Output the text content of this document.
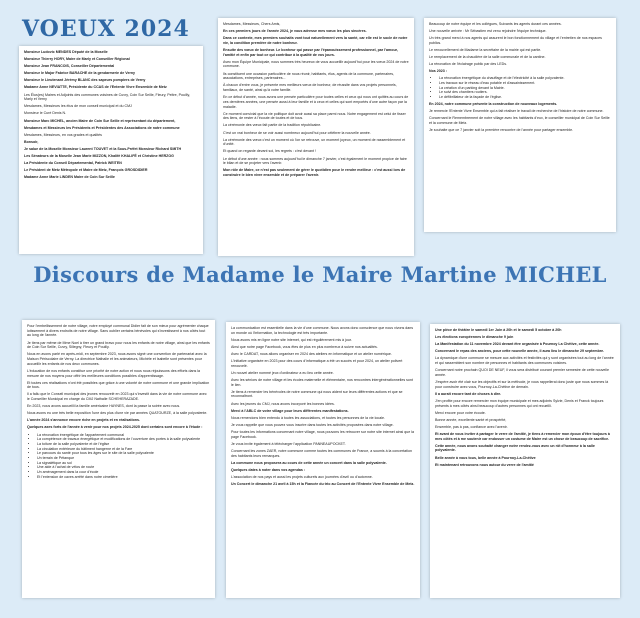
VOEUX 2024

Monsieur Ludovic MENDES Député de la Moselle

Monsieur Thierry HORY, Maire de Marly et Conseiller Régional

Monsieur Jean FRANCOIS, Conseiller Départemental

Monsieur le Major Fabrice BARACHE de la gendarmerie de Verny

Monsieur le Lieutenant Jérémy BLANC des sapeurs pompiers de Verny

Madame Anne NEVIATTE, Présidente du CCAS de l'Entente Vivre Ensemble de Metz

Les Élus(es) Maires et Adjoints des communes voisines de Cuvry, Coin Sur Seille, Fleury, Peltre, Pouilly, Marly et Verny

Mesdames, Messieurs les élus de mon conseil municipal et du CMJ

Monsieur le Curé Denis N.

Monsieur Marc MICHEL, ancien Maire de Coin Sur Seille et représentant du département,

Mesdames et Messieurs les Présidents et Présidentes des Associations de notre commune

Mesdames, Messieurs, en vos grades et qualités

Bonsoir,

Je salue de la Moselle Monsieur Laurent TOUVET et la Sous-Préfet Monsieur Richard SMITH

Les Sénateurs de la Moselle Jean Marie MIZZON, Khalifé KHALIFÉ et Christine HERZOG

La Présidente du Conseil Départemental, Patrick WEITEN

Le Président de Metz Métropole et Maire de Metz, François GROSDIDIER

Madame Anne Marie LINDEN Maire de Coin Sur Seille

Mesdames, Messieurs, Chers Amis,

En ces premiers jours de l'année 2024, je vous adresse mes vœux les plus sincères.

Dans ce contexte, mes premiers souhaits vont tout naturellement vers la santé, car elle est le socle de notre vie, la condition première de notre bonheur.

Ensuite des vœux de bonheur. Le bonheur qui passe par l'épanouissement professionnel, par l'amour, l'amitié et enfin par tout ce qui contribue à la qualité de vos jours.

Avec mon Équipe Municipale, nous sommes très heureux de vous accueillir aujourd'hui pour les vœux 2024 de notre commune.

Ils constituent une occasion particulière de nous réunir, habitants, élus, agents de la commune, partenaires, associations, entreprises, partenaires...

À chacun d'entre vous, je présente mes meilleurs vœux de bonheur, de réussite dans vos projets personnels, familiaux, de santé, ainsi qu'à votre famille.

En ce début d'année, nous avons une pensée particulière pour toutes celles et ceux qui nous ont quittés au cours de ces dernières années, une pensée aussi à leur famille et à ceux et celles qui sont emportés d'une autre façon par la maladie.

Ce moment convivial que la vie politique doit avoir aussi sa place parmi nous. Notre engagement est celui de tisser des liens, de rester à l'écoute de toutes et de tous.

La cérémonie des vœux fait partie de la tradition républicaine.

C'est un vrai bonheur de se voir aussi nombreux aujourd'hui pour célébrer la nouvelle année.

La cérémonie des vœux c'est un moment où l'on se retrouve, un moment joyeux, un moment de rassemblement et d'unité.

Et quand on regarde devant soi, les regrets : c'est devant !

Le début d'une année : nous sommes aujourd'hui le dimanche 7 janvier, c'est également le moment propice de faire le bilan et de se projeter vers l'avenir.

Mon rôle de Maire, ce n'est pas seulement de gérer le quotidien pour le rendre meilleur : c'est aussi lors de construire le bien vivre ensemble et de préparer l'avenir.

Beaucoup de notre équipe et les collègues, Suivants les agents durant ces années.

Une nouvelle arrivée : Mr Sébastien est venu rejoindre l'équipe technique.

Un très grand merci à nos agents qui assurent le bon fonctionnement du village et l'entretien de nos espaces publics.

Le renouvellement de Madame la secrétaire de la mairie qui est partie.

Le remplacement de la chaudière de la salle communale et de la cantine.

La rénovation de l'éclairage public par des LEDs.

Nos 2023 :

• La rénovation énergétique du chauffage et de l'électricité à la salle polyvalente.
• Les travaux sur le réseau d'eau potable et d'assainissement.
• La création d'un parking devant la Mairie.
• Le suivi des chantiers routiers.
• Le défibrillateur de la façade de l'église.

En 2024, notre commune présente la construction de nouveaux logements.

Je remercie l'Entente Vivre Ensemble qui a fait réaliser le travail de recherche de l'histoire de notre commune.

Concernant le Remembrement de notre village avec les habitants d'eux, le conseiller municipal de Coin Sur Seille et la commune de Metz.

Je souhaite que ce 7 janvier soit la première rencontre de l'année pour partager ensemble.

Discours de Madame le Maire Martine MICHEL

Pour l'embellissement de notre village, notre employé communal Didier fait de son mieux pour agrémenter chaque lotissement à divers endroits de notre village. Sans oublier certains bénévoles qui s'investissent à nos côtés tout au long de l'année.

Je tiens par même de Mme Noel à tirer un grand bravo pour nous les enfants de notre village, ainsi que les enfants de Coin Sur Seille, Cuvry, Sillegny, Fleury et Pouilly.

Nous en avons parlé en après-midi, en septembre 2023, nous avons signé une convention de partenariat avec la Maison Périscolaire de Verny. La directrice Nathalie et les animateurs, Michèle et Isabelle sont présentes pour accueillir les enfants de nos deux communes.

L'éducation de nos enfants constitue une priorité de notre action et nous nous réjouissons des efforts dans la mesure de nos moyens pour offrir les meilleures conditions possibles d'apprentissage.

Et toutes ces réalisations n'ont été possibles que grâce à une volonté de notre commune et une grande implication de tous.

Il a fallu que le Conseil municipal des jeunes renouvelé en 2023 qui s'investit dans la vie de notre commune avec le Conseiller Municipal en charge du CMJ Nathalie SCHEHERAZADE.

En 2023, nous avons accueilli la famille américaine HAYNES, dont la passe la soirée avec nous.

Nous avons eu une très belle exposition l'une des plus d'une vie par années QUATOURZE, à la salle polyvalente.

L'année 2024 s'annonce encore riche en projets et en réalisations.

Quelques axes forts de l'année à venir pour nos projets 2024-2025 dont certains sont encore à l'étude :

• La rénovation énergétique de l'appartement communal
• La compétence de travaux énergétique et modifications de l'ouverture des portes à la salle polyvalente
• La toiture de la salle polyvalente et de l'église
• La circulation extérieure du bâtiment hangerne et de la Fare
• Le parcours du santé pour tous les âges sur le site de la salle polyvalente
• Un terrain de Pétanque
• La signalétique au sol
• Une aide à l'achat de vélos de route
• Un aménagement dans la cour d'école
• Et l'extension de caves arrêté dans notre cimetière

La communication est essentielle dans la vie d'une commune. Nous avons donc conscience que nous vivons dans un monde où l'information, la technologie est très importante.

Nous avons mis en ligne notre site internet, qui est régulièrement mis à jour.

Ainsi que notre page Facebook, vous êtes de plus en plus nombreux à suivre nos actualités.

Avec le CARDAT, nous allons organiser en 2024 des ateliers en informatique et un atelier numérique.

L'initiative organisée en 2023 pour des cours d'informatique a été un succès et pour 2024, un atelier polivert renouvelé.

Un nouvel atelier nommé jeux d'ordinateur a eu lieu cette année.

Avec les séniors de notre village et les écoles maternelle et élémentaire, nos rencontres intergénérationnelles sont le lien.

Je tiens à remercier les bénévoles de notre commune qui nous aident sur leurs différentes actions et que se reconnaîtront.

Avec les jeunes du CMJ, nous avons incorporé les bonnes idées.

Merci à l'ABLC de votre village pour leurs différentes manifestations.

Nous remercions bien entendu à toutes les associations, et toutes les personnes de la vie locale.

Je vous rappelle que vous pouvez vous inscrire dans toutes les activités proposées dans notre village.

Pour toutes les informations concernant notre village, nous pouvons les retrouver sur notre site internet ainsi que la page Facebook.

Je vous invite également à télécharger l'application PANNEAUPOCKET.

Concernant les zones ZAER, notre commune comme toutes les communes de France, a soumis à la concertation des habitants leurs remarques.

La commune nous proposera au cours de cette année un concert dans la salle polyvalente.

Quelques dates à noter dans vos agendas :

L'association de nos pays et aussi les projets culturels aux journées d'avril ou d'automne.

Un Concert le dimanche 21 avril à 15h et la Fiancée du trio au Concert de l'Entente Vivre Ensemble de Metz.

Une pièce de théâtre le samedi 1er Juin à 20h et le samedi 5 octobre à 20h

Les élections européennes le dimanche 9 juin

La Manifestation du 11 novembre 2024 devant être organisée à Pournoy La Chétive, cette année.

Concernant le repas des anciens, pour cette nouvelle année, il aura lieu le dimanche 29 septembre.

La dynamique d'une commune se mesure aux activités et festivités qui y sont organisées tout au long de l'année et qui rassemblent son nombre de personnes et habitants des communes voisines.

Concernant notre prochain QUOI DE NEUF, il vous sera distribué courant premier semestre de cette nouvelle année.

J'espère avoir été clair sur les objectifs et sur la méthode, je vous rappellerai donc juste que nous sommes là pour construire avec vous, Pournoy-La-Chétive de demain.

Il a aurait encore tant de choses à dire.

J'en profite pour encore remercier mon équipe municipale et mes adjoints Sylvie, Denis et Franck toujours présents à mes côtés ainsi beaucoup d'autres personnes qui ont recueilli.

Merci encore pour votre écoute.

Bonne année, excellente santé et prospérité,

Ensemble, pas à pas, confiance avec l'avenir.

Et avant de vous inviter à partager le verre de l'amitié, je tiens à remercier mon époux d'être toujours à mes côtés et à me soutenir car endosser un costume de Maire est un chose de beaucoup de sacrifice.

Cette année, nous avons souhaité changer notre rendez-vous avec un rôt d'honneur à la salle polyvalente.

Belle année à vous tous, belle année à Pournoy-La-Chétive

Et maintenant retrouvons nous autour du verre de l'amitié
